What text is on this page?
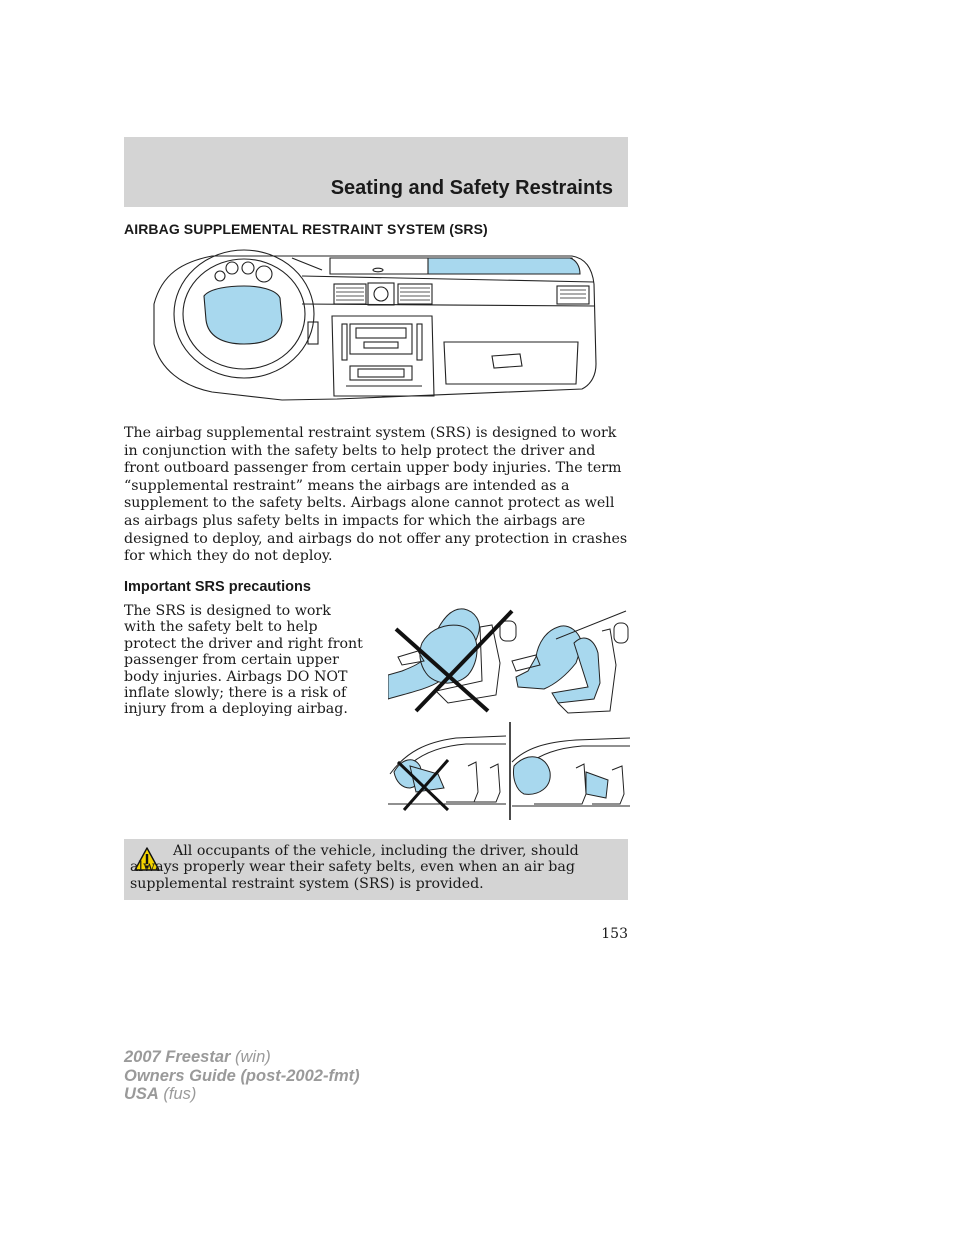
Seating and Safety Restraints
AIRBAG SUPPLEMENTAL RESTRAINT SYSTEM (SRS)

The airbag supplemental restraint system (SRS) is designed to work in conjunction with the safety belts to help protect the driver and front outboard passenger from certain upper body injuries. The term “supplemental restraint” means the airbags are intended as a supplement to the safety belts. Airbags alone cannot protect as well as airbags plus safety belts in impacts for which the airbags are designed to deploy, and airbags do not offer any protection in crashes for which they do not deploy.

Important SRS precautions

The SRS is designed to work with the safety belt to help protect the driver and right front passenger from certain upper body injuries. Airbags DO NOT inflate slowly; there is a risk of injury from a deploying airbag.

All occupants of the vehicle, including the driver, should always properly wear their safety belts, even when an air bag supplemental restraint system (SRS) is provided.

153
2007 Freestar (win)
Owners Guide (post-2002-fmt)
USA (fus)
